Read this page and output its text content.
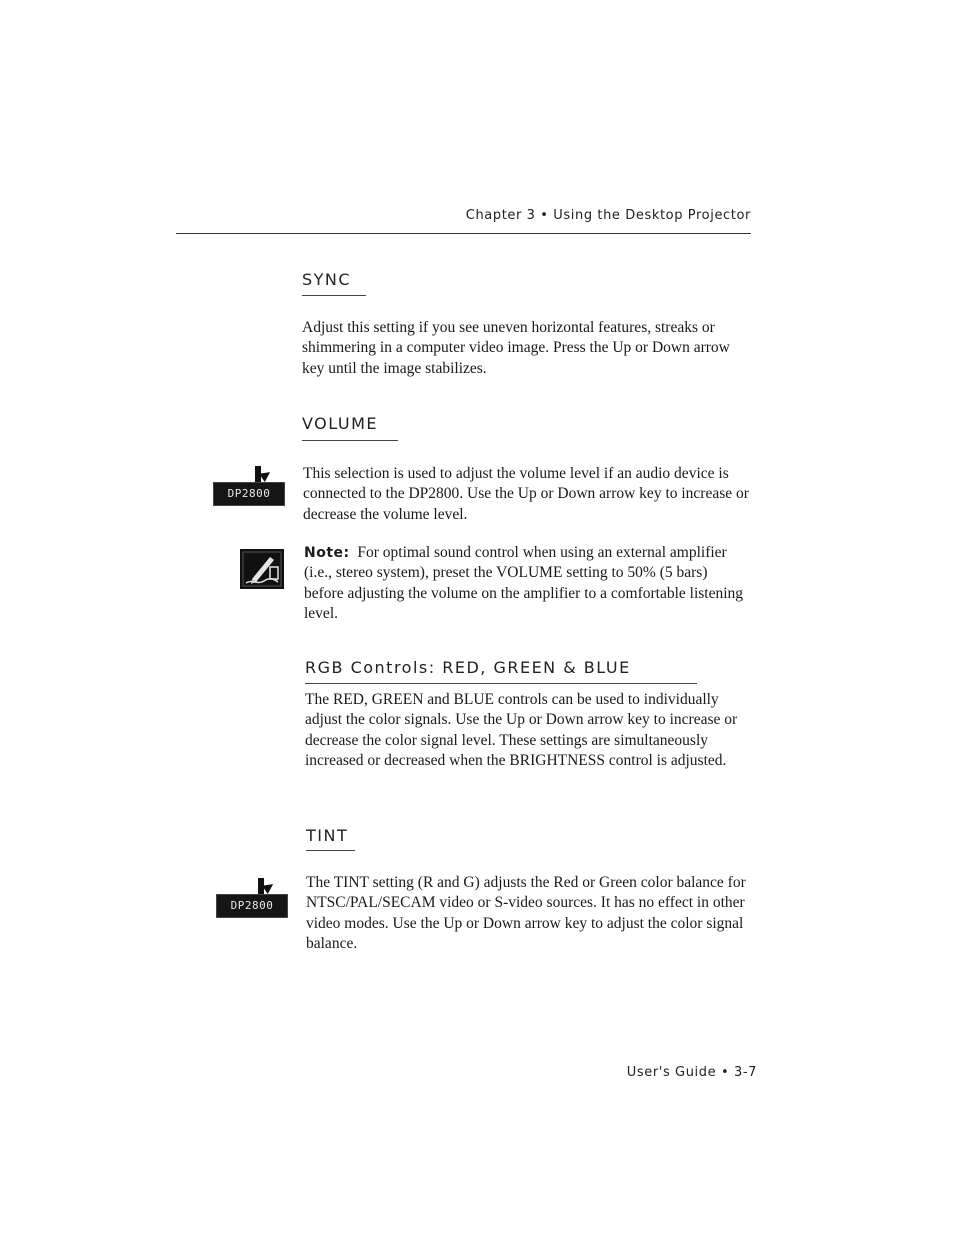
Chapter 3 • Using the Desktop Projector
SYNC

Adjust this setting if you see uneven horizontal features, streaks or shimmering in a computer video image. Press the Up or Down arrow key until the image stabilizes.

VOLUME
DP2800

This selection is used to adjust the volume level if an audio device is connected to the DP2800. Use the Up or Down arrow key to increase or decrease the volume level.

Note: For optimal sound control when using an external amplifier (i.e., stereo system), preset the VOLUME setting to 50% (5 bars) before adjusting the volume on the amplifier to a comfortable listening level.

RGB Controls: RED, GREEN & BLUE

The RED, GREEN and BLUE controls can be used to individually adjust the color signals. Use the Up or Down arrow key to increase or decrease the color signal level. These settings are simultaneously increased or decreased when the BRIGHTNESS control is adjusted.

TINT
DP2800

The TINT setting (R and G) adjusts the Red or Green color balance for NTSC/PAL/SECAM video or S-video sources. It has no effect in other video modes. Use the Up or Down arrow key to adjust the color signal balance.

User's Guide • 3-7
